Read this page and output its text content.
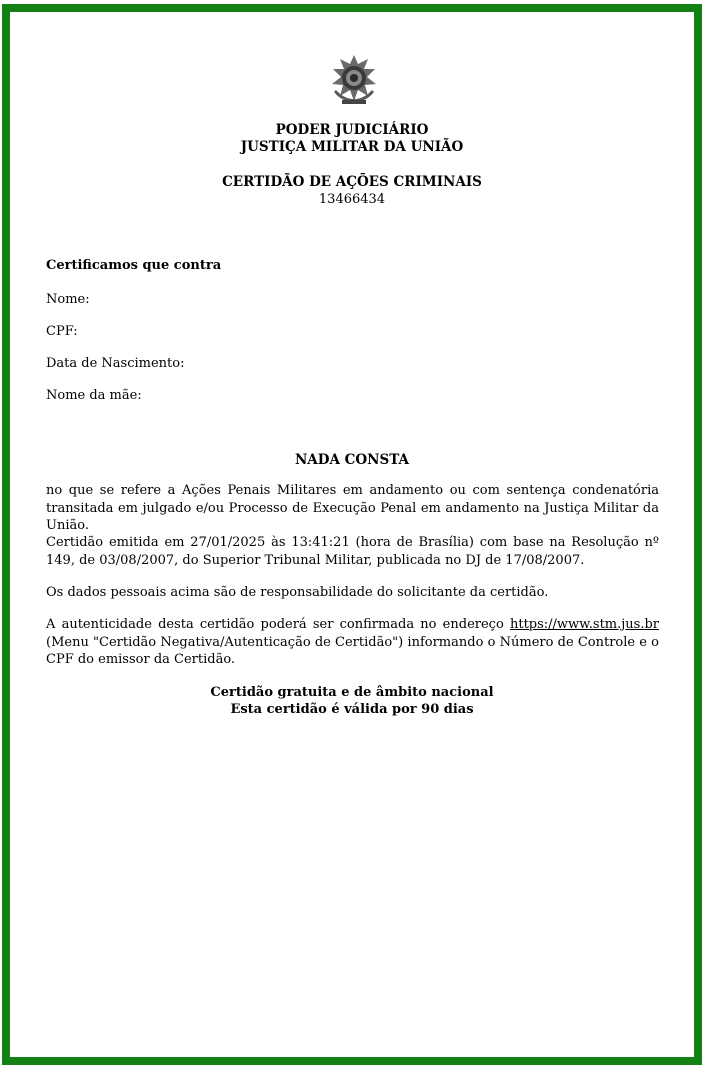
PODER JUDICIÁRIO
JUSTIÇA MILITAR DA UNIÃO
CERTIDÃO DE AÇÕES CRIMINAIS
13466434
Certificamos que contra
Nome:
CPF:
Data de Nascimento:
Nome da mãe:
NADA CONSTA
no que se refere a Ações Penais Militares em andamento ou com sentença condenatória transitada em julgado e/ou Processo de Execução Penal em andamento na Justiça Militar da União.
Certidão emitida em 27/01/2025 às 13:41:21 (hora de Brasília) com base na Resolução nº 149, de 03/08/2007, do Superior Tribunal Militar, publicada no DJ de 17/08/2007.
Os dados pessoais acima são de responsabilidade do solicitante da certidão.
A autenticidade desta certidão poderá ser confirmada no endereço https://www.stm.jus.br (Menu "Certidão Negativa/Autenticação de Certidão") informando o Número de Controle e o CPF do emissor da Certidão.
Certidão gratuita e de âmbito nacional
Esta certidão é válida por 90 dias
